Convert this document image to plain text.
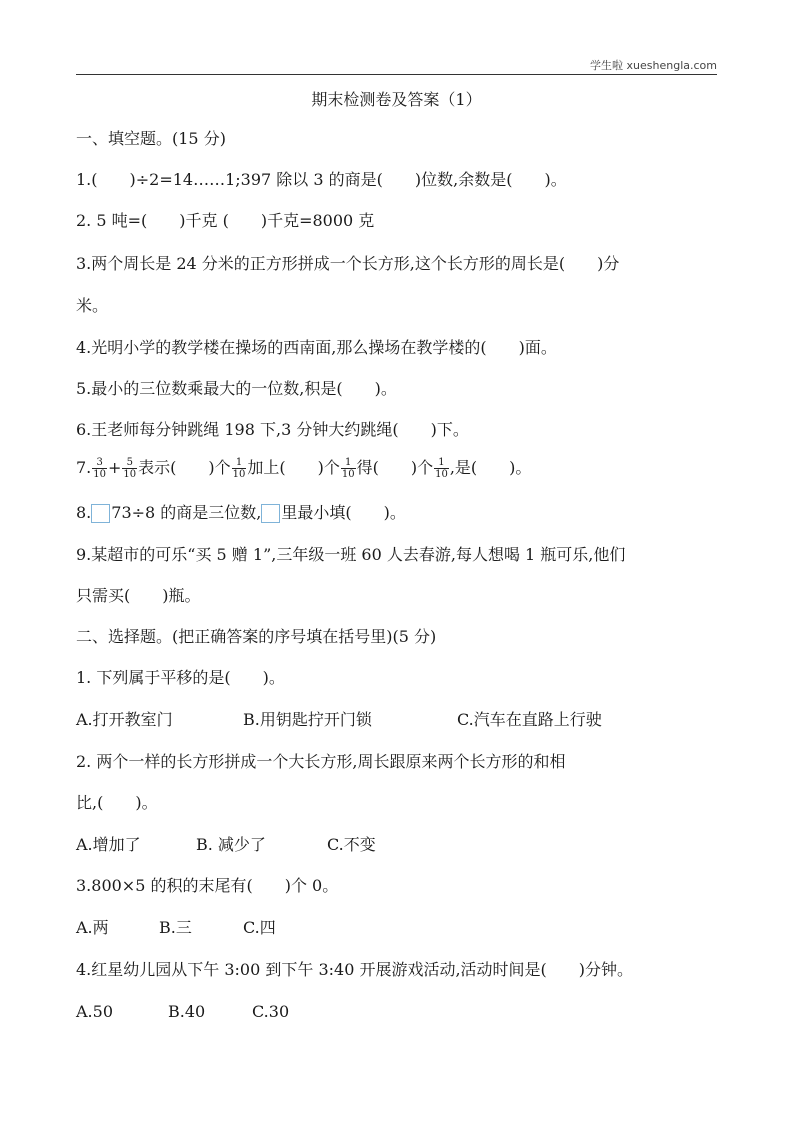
学生啦 xueshengla.com
期末检测卷及答案（1）
一、填空题。(15 分)
1.(　　)÷2=14……1;397 除以 3 的商是(　　)位数,余数是(　　)。
2. 5 吨=(　　)千克 (　　)千克=8000 克
3.两个周长是 24 分米的正方形拼成一个长方形,这个长方形的周长是(　　)分
米。
4.光明小学的教学楼在操场的西南面,那么操场在教学楼的(　　)面。
5.最小的三位数乘最大的一位数,积是(　　)。
6.王老师每分钟跳绳 198 下,3 分钟大约跳绳(　　)下。
7. $\frac{3}{10} + \frac{5}{10}$ 表示(　　)个 $\frac{1}{10}$ 加上(　　)个 $\frac{1}{10}$ 得(　　)个 $\frac{1}{10}$ ,是(　　)。
8. 73÷8 的商是三位数, 里最小填(　　)。
9.某超市的可乐“买 5 赠 1”,三年级一班 60 人去春游,每人想喝 1 瓶可乐,他们
只需买(　　)瓶。
二、选择题。(把正确答案的序号填在括号里)(5 分)
1. 下列属于平移的是(　　)。
A.打开教室门	B.用钥匙拧开门锁	C.汽车在直路上行驶
2. 两个一样的长方形拼成一个大长方形,周长跟原来两个长方形的和相
比,(　　)。
A.增加了	B. 减少了	C.不变
3.800×5 的积的末尾有(　　)个 0。
A.两	B.三	C.四
4.红星幼儿园从下午 3:00 到下午 3:40 开展游戏活动,活动时间是(　　)分钟。
A.50	B.40	C.30
